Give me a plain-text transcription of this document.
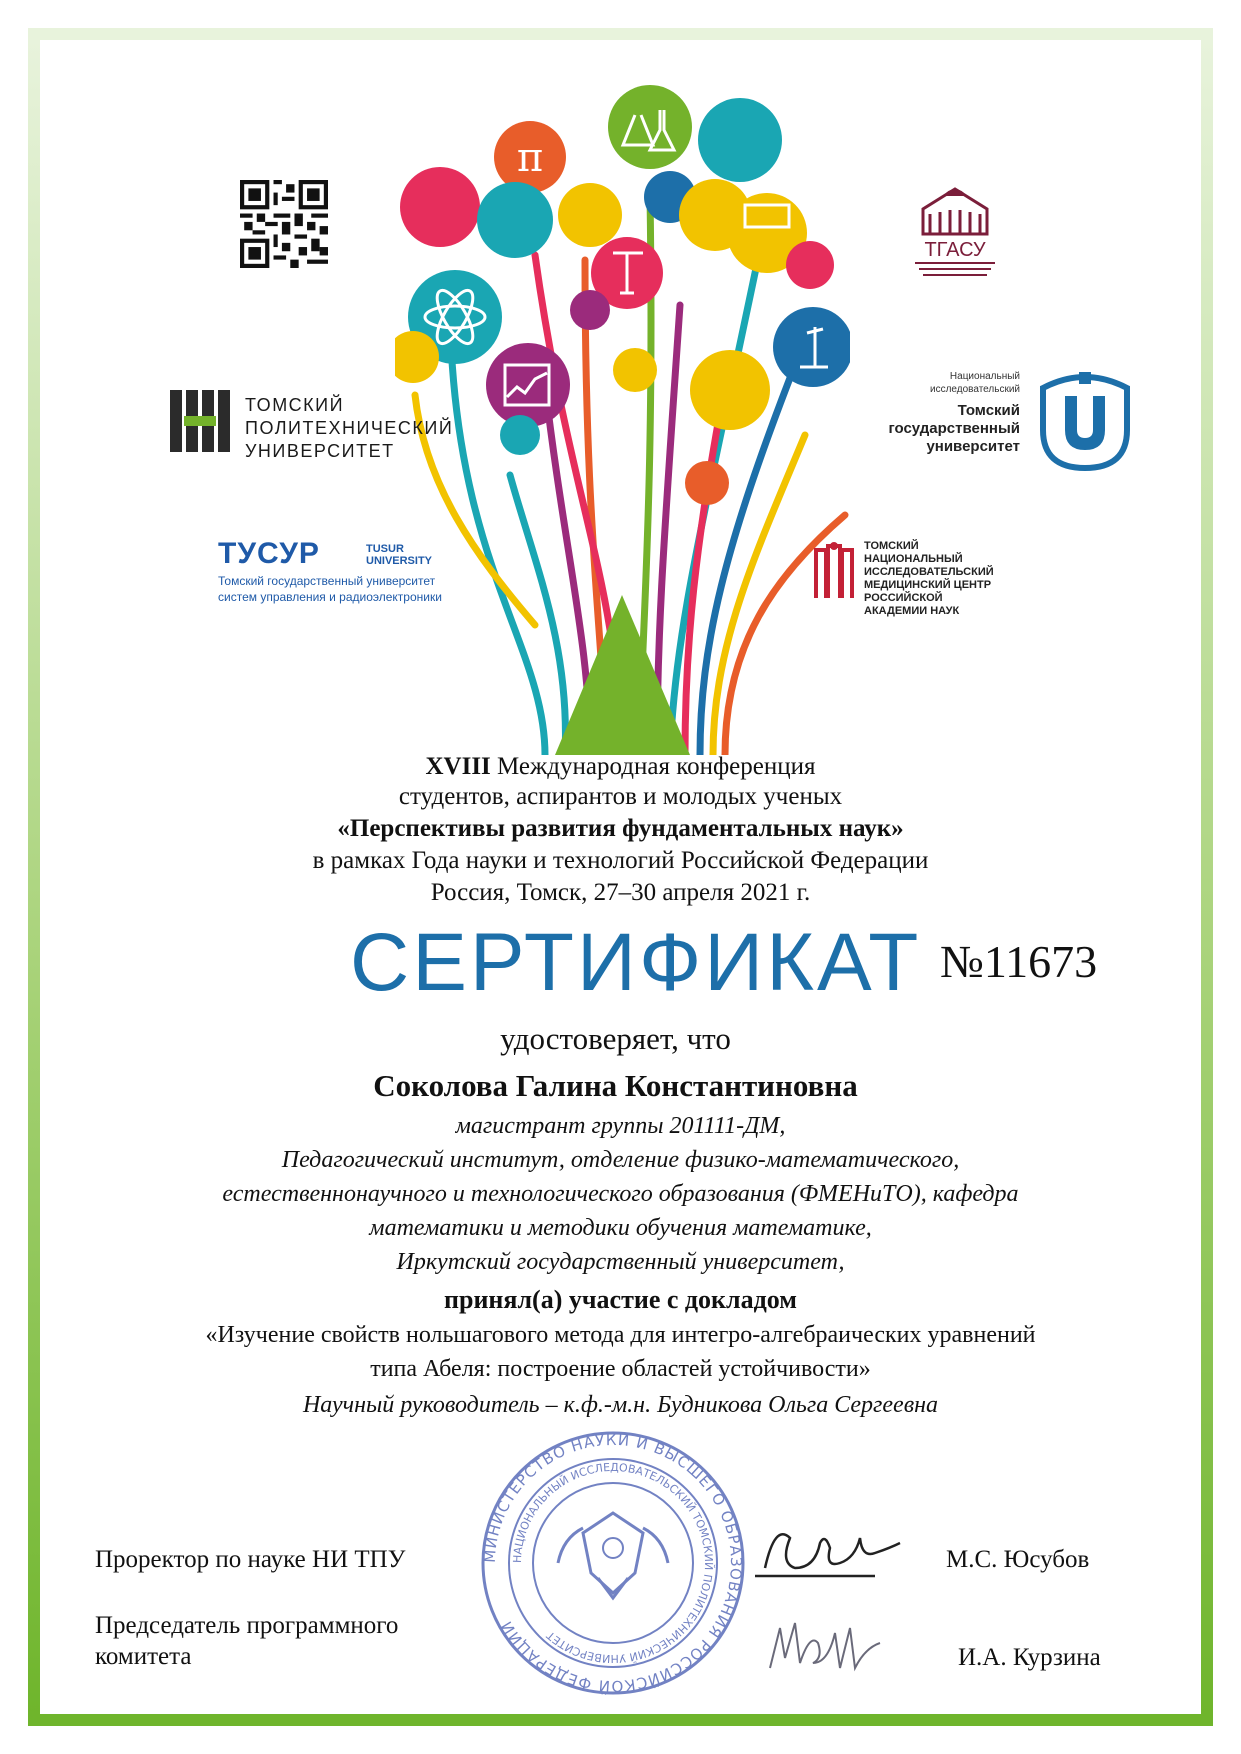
π
ТОМСКИЙ
ПОЛИТЕХНИЧЕСКИЙ
УНИВЕРСИТЕТ
ТУСУР	TUSUR
UNIVERSITY
Томский государственный университет
систем управления и радиоэлектроники
Национальный
исследовательский
Томский
государственный
университет
ТОМСКИЙ НАЦИОНАЛЬНЫЙ
ИССЛЕДОВАТЕЛЬСКИЙ
МЕДИЦИНСКИЙ ЦЕНТР
РОССИЙСКОЙ АКАДЕМИИ НАУК
ТГАСУ
XVIII Международная конференция
студентов, аспирантов и молодых ученых
«Перспективы развития фундаментальных наук»
в рамках Года науки и технологий Российской Федерации
Россия, Томск, 27–30 апреля 2021 г.
СЕРТИФИКАТ №11673
удостоверяет, что
Соколова Галина Константиновна
магистрант группы 201111-ДМ,
Педагогический институт, отделение физико-математического,
естественнонаучного и технологического образования (ФМЕНиТО), кафедра
математики и методики обучения математике,
Иркутский государственный университет,
принял(а) участие с докладом
«Изучение свойств нольшагового метода для интегро-алгебраических уравнений
типа Абеля: построение областей устойчивости»
Научный руководитель – к.ф.-м.н. Будникова Ольга Сергеевна
МИНИСТЕРСТВО НАУКИ И ВЫСШЕГО ОБРАЗОВАНИЯ РОССИЙСКОЙ ФЕДЕРАЦИИ
НАЦИОНАЛЬНЫЙ ИССЛЕДОВАТЕЛЬСКИЙ ТОМСКИЙ ПОЛИТЕХНИЧЕСКИЙ УНИВЕРСИТЕТ
Проректор по науке НИ ТПУ	М.С. Юсубов
Председатель программного
комитета	И.А. Курзина
